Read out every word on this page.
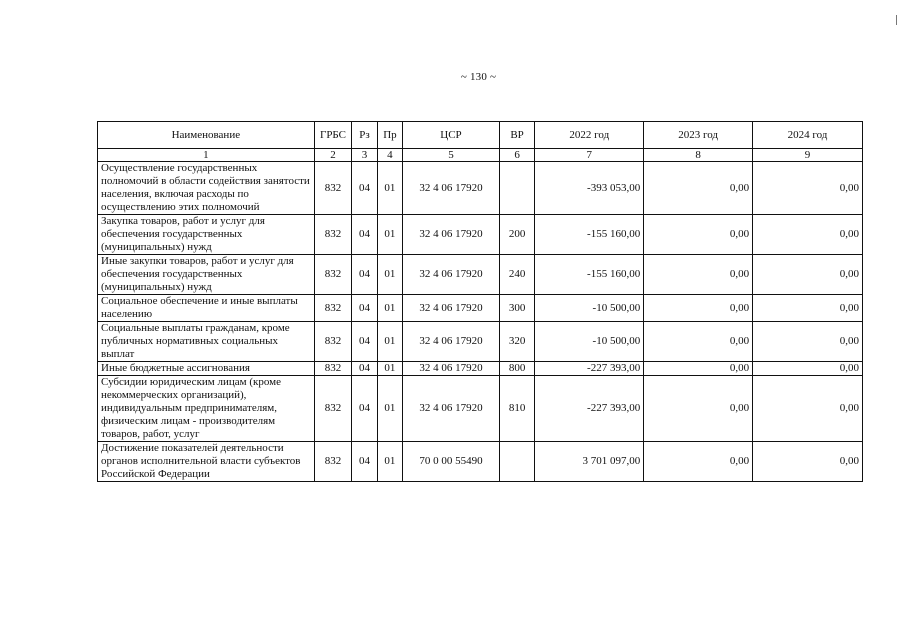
~ 130 ~
Наименование	ГРБС	Рз	Пр	ЦСР	ВР	2022 год	2023 год	2024 год
1	2	3	4	5	6	7	8	9
Осуществление государственных полномочий в области содействия занятости населения, включая расходы по осуществлению этих полномочий	832	04	01	32 4 06 17920		-393 053,00	0,00	0,00
Закупка товаров, работ и услуг для обеспечения государственных (муниципальных) нужд	832	04	01	32 4 06 17920	200	-155 160,00	0,00	0,00
Иные закупки товаров, работ и услуг для обеспечения государственных (муниципальных) нужд	832	04	01	32 4 06 17920	240	-155 160,00	0,00	0,00
Социальное обеспечение и иные выплаты населению	832	04	01	32 4 06 17920	300	-10 500,00	0,00	0,00
Социальные выплаты гражданам, кроме публичных нормативных социальных выплат	832	04	01	32 4 06 17920	320	-10 500,00	0,00	0,00
Иные бюджетные ассигнования	832	04	01	32 4 06 17920	800	-227 393,00	0,00	0,00
Субсидии юридическим лицам (кроме некоммерческих организаций), индивидуальным предпринимателям, физическим лицам - производителям товаров, работ, услуг	832	04	01	32 4 06 17920	810	-227 393,00	0,00	0,00
Достижение показателей деятельности органов исполнительной власти субъектов Российской Федерации	832	04	01	70 0 00 55490		3 701 097,00	0,00	0,00
